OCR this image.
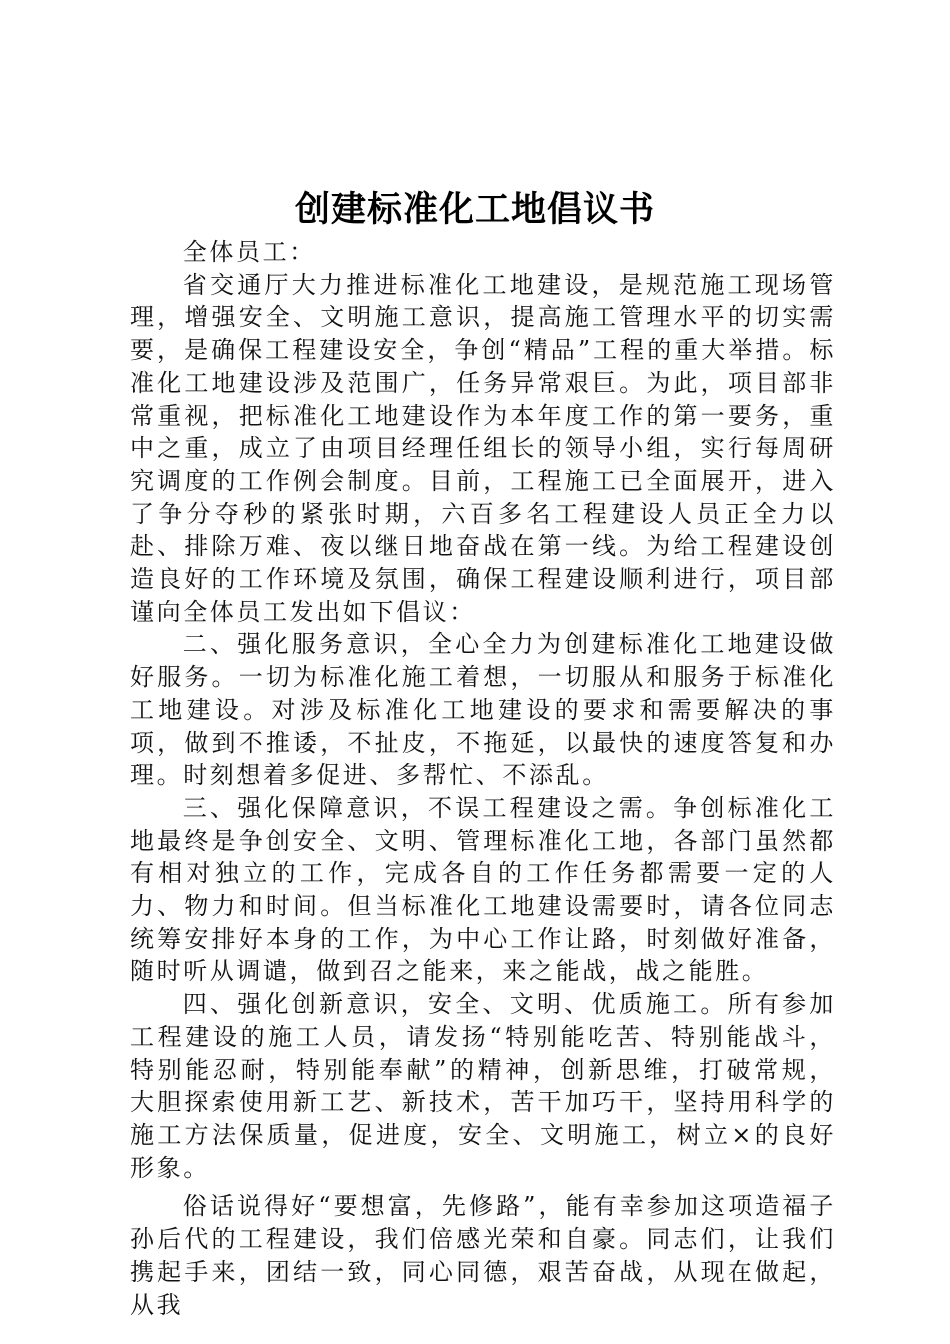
创建标准化工地倡议书

全体员工：

省交通厅大力推进标准化工地建设，是规范施工现场管理，增强安全、文明施工意识，提高施工管理水平的切实需要，是确保工程建设安全，争创“精品”工程的重大举措。标准化工地建设涉及范围广，任务异常艰巨。为此，项目部非常重视，把标准化工地建设作为本年度工作的第一要务，重中之重，成立了由项目经理任组长的领导小组，实行每周研究调度的工作例会制度。目前，工程施工已全面展开，进入了争分夺秒的紧张时期，六百多名工程建设人员正全力以赴、排除万难、夜以继日地奋战在第一线。为给工程建设创造良好的工作环境及氛围，确保工程建设顺利进行，项目部谨向全体员工发出如下倡议：

二、强化服务意识，全心全力为创建标准化工地建设做好服务。一切为标准化施工着想，一切服从和服务于标准化工地建设。对涉及标准化工地建设的要求和需要解决的事项，做到不推诿，不扯皮，不拖延，以最快的速度答复和办理。时刻想着多促进、多帮忙、不添乱。

三、强化保障意识，不误工程建设之需。争创标准化工地最终是争创安全、文明、管理标准化工地，各部门虽然都有相对独立的工作，完成各自的工作任务都需要一定的人力、物力和时间。但当标准化工地建设需要时，请各位同志统筹安排好本身的工作，为中心工作让路，时刻做好准备，随时听从调谴，做到召之能来，来之能战，战之能胜。

四、强化创新意识，安全、文明、优质施工。所有参加工程建设的施工人员，请发扬“特别能吃苦、特别能战斗，特别能忍耐，特别能奉献”的精神，创新思维，打破常规，大胆探索使用新工艺、新技术，苦干加巧干，坚持用科学的施工方法保质量，促进度，安全、文明施工，树立×的良好形象。

俗话说得好“要想富，先修路”，能有幸参加这项造福子孙后代的工程建设，我们倍感光荣和自豪。同志们，让我们携起手来，团结一致，同心同德，艰苦奋战，从现在做起，从我
